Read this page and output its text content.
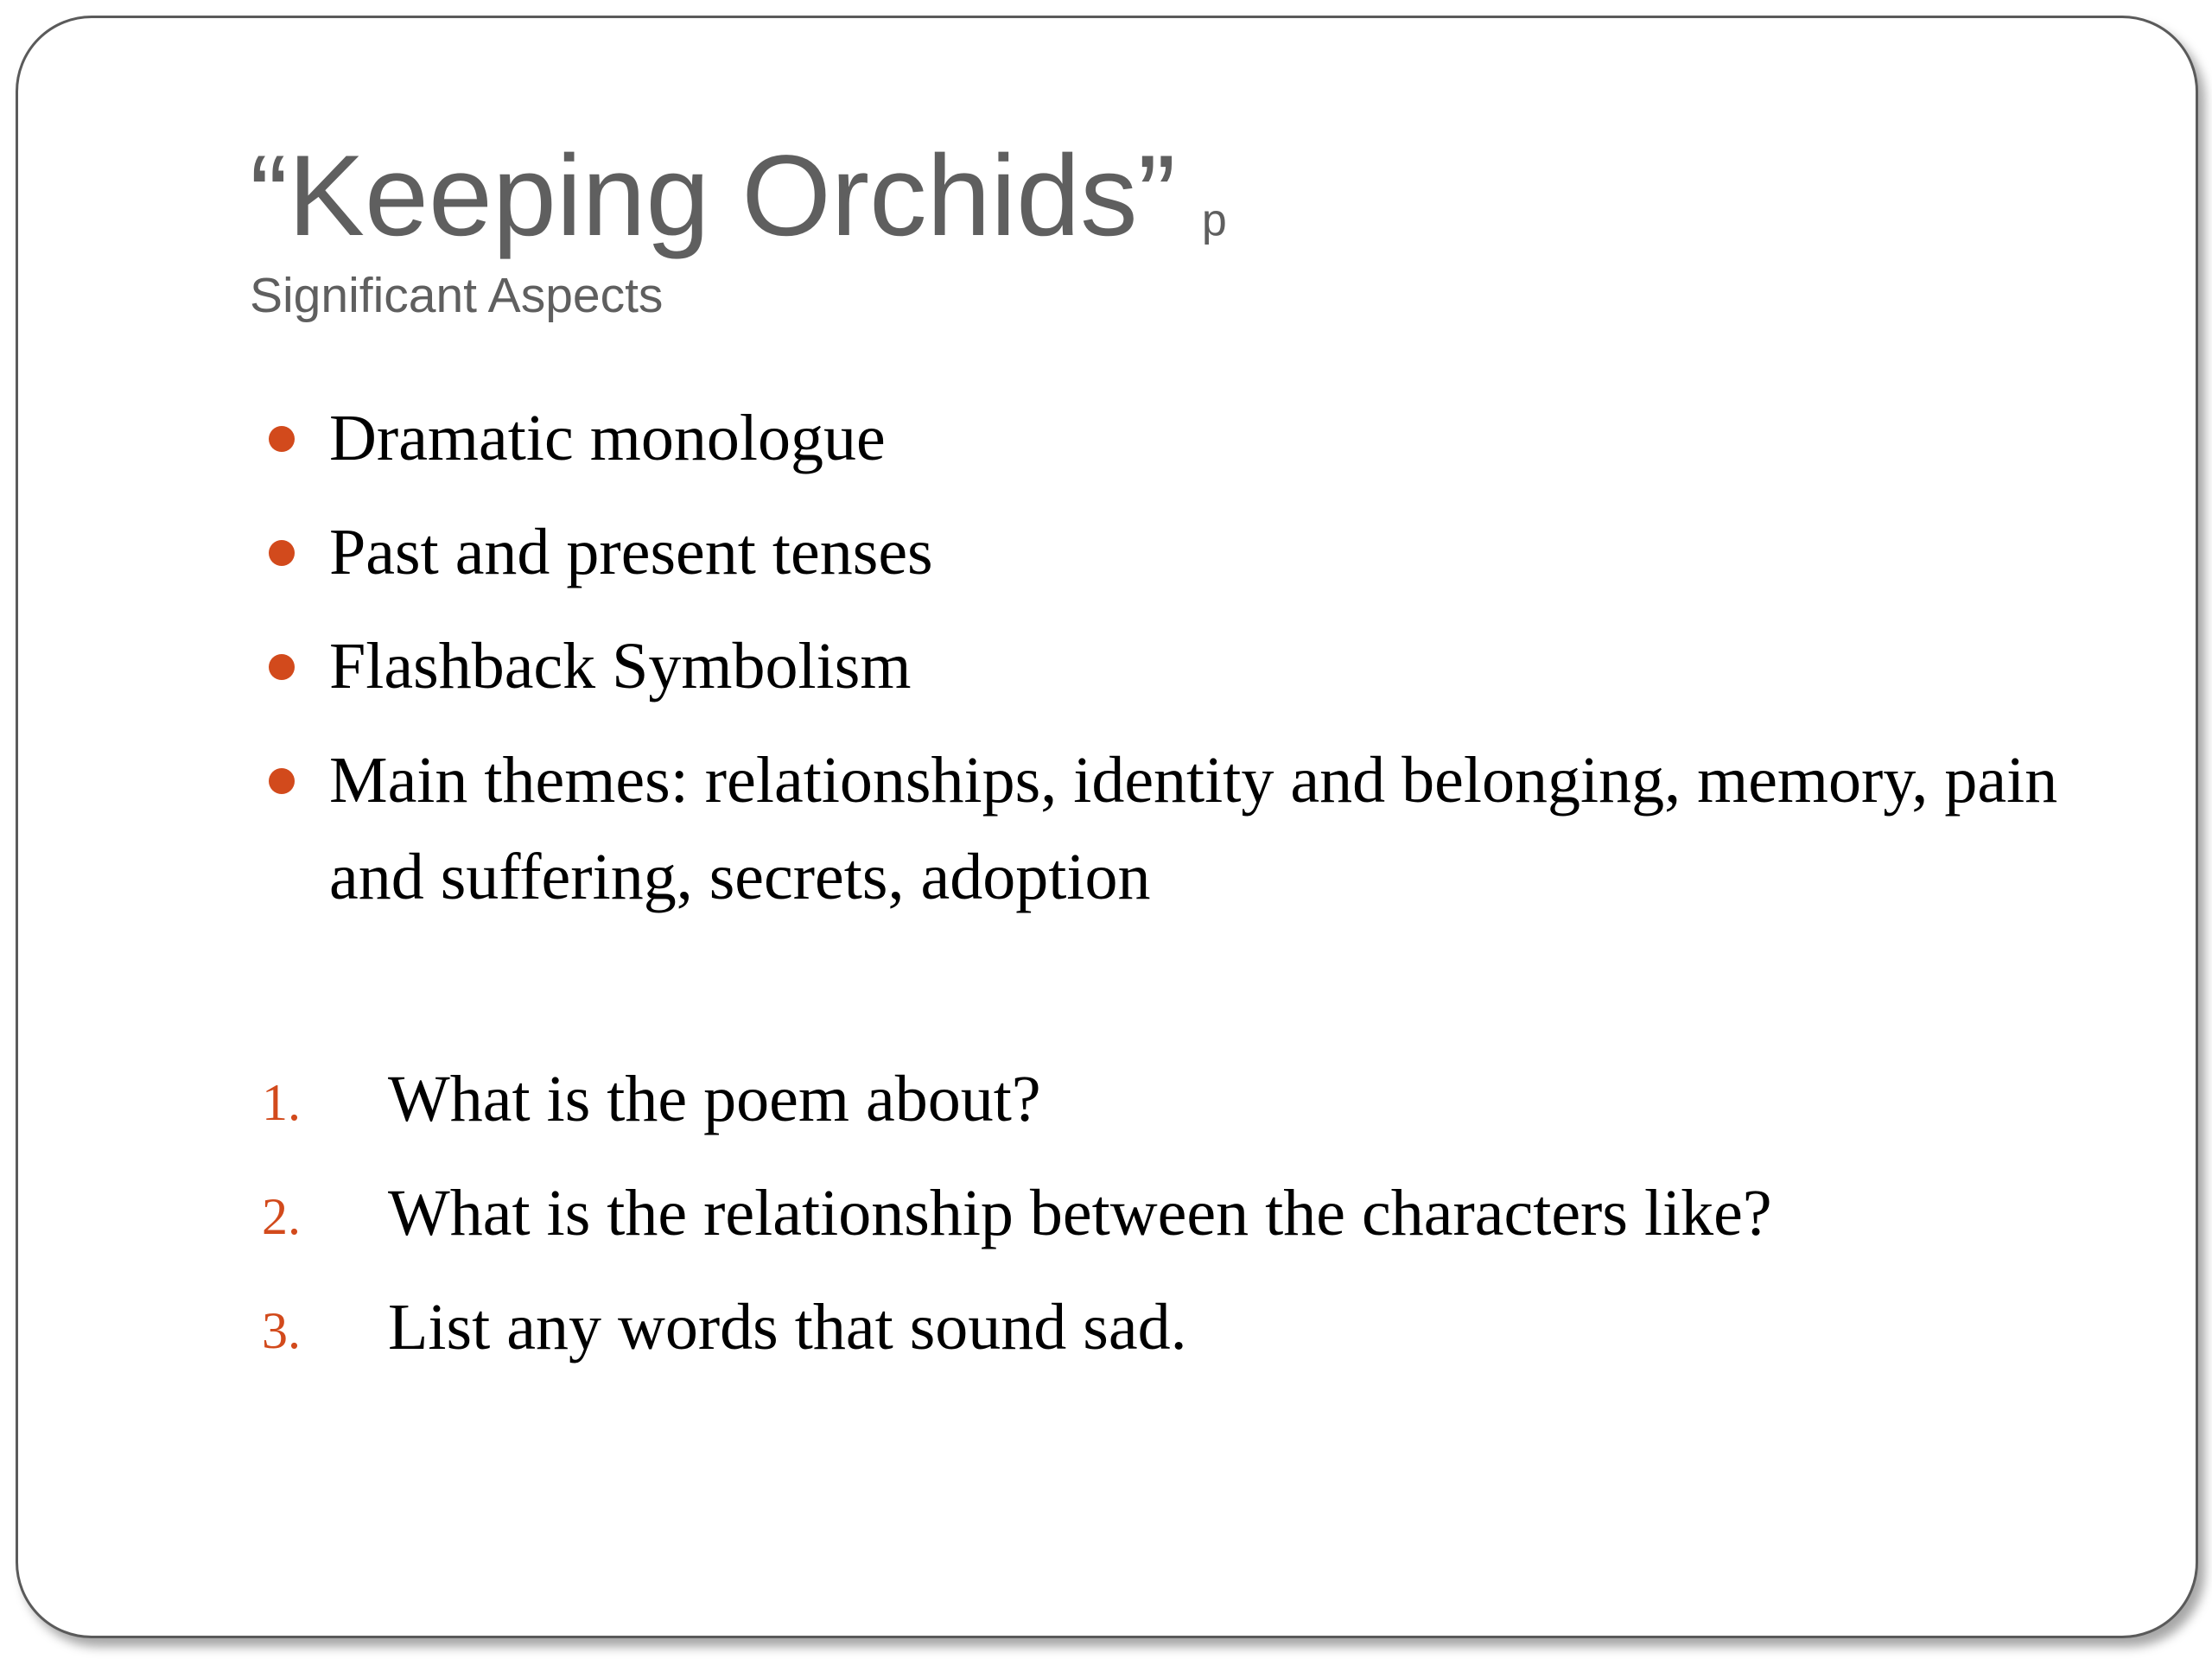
“Keeping Orchids” p
Significant Aspects
Dramatic monologue
Past and present tenses
Flashback Symbolism
Main themes: relationships, identity and belonging, memory, pain and suffering, secrets, adoption
1. What is the poem about?
2. What is the relationship between the characters like?
3. List any words that sound sad.
